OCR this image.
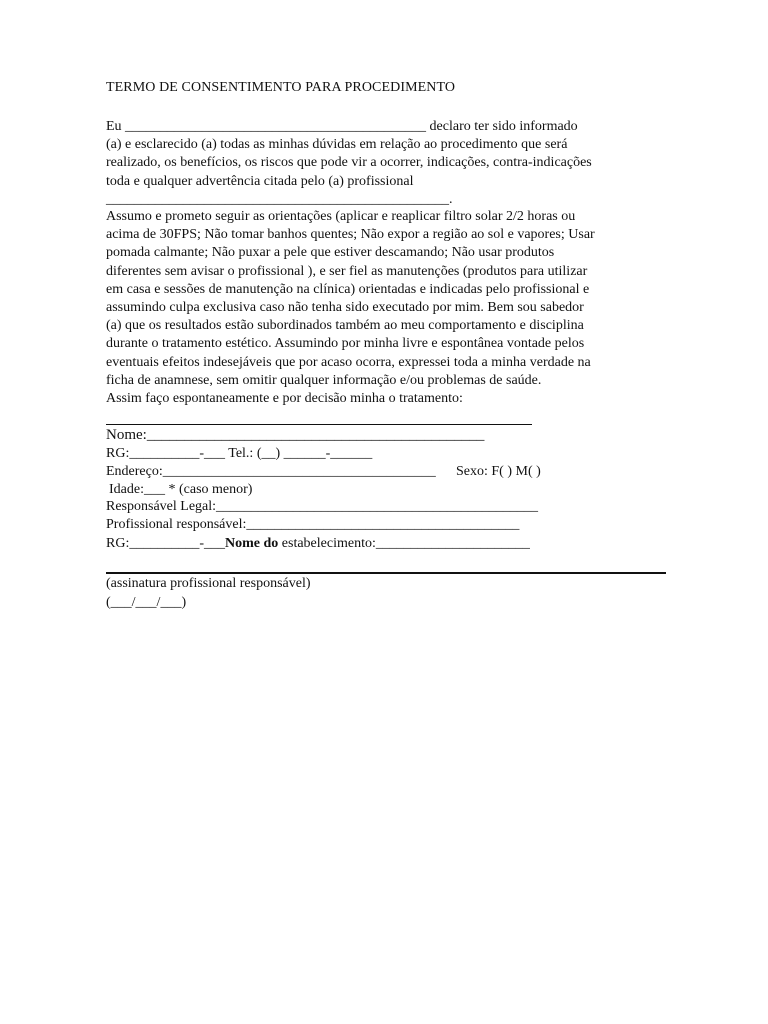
TERMO DE CONSENTIMENTO PARA PROCEDIMENTO
Eu ___________________________________________ declaro ter sido informado
(a) e esclarecido (a) todas as minhas dúvidas em relação ao procedimento que será
realizado, os benefícios, os riscos que pode vir a ocorrer, indicações, contra-indicações
toda e qualquer advertência citada pelo (a) profissional
_________________________________________________.
Assumo e prometo seguir as orientações (aplicar e reaplicar filtro solar 2/2 horas ou
acima de 30FPS; Não tomar banhos quentes; Não expor a região ao sol e vapores; Usar
pomada calmante; Não puxar a pele que estiver descamando; Não usar produtos
diferentes sem avisar o profissional ), e ser fiel as manutenções (produtos para utilizar
em casa e sessões de manutenção na clínica) orientadas e indicadas pelo profissional e
assumindo culpa exclusiva caso não tenha sido executado por mim. Bem sou sabedor
(a) que os resultados estão subordinados também ao meu comportamento e disciplina
durante o tratamento estético. Assumindo por minha livre e espontânea vontade pelos
eventuais efeitos indesejáveis que por acaso ocorra, expressei toda a minha verdade na
ficha de anamnese, sem omitir qualquer informação e/ou problemas de saúde.
Assim faço espontaneamente e por decisão minha o tratamento:
Nome:_____________________________________________
RG:__________-___ Tel.: (__) ______-______
Endereço:_______________________________________ Sexo: F( ) M( )
Idade:___ * (caso menor)
Responsável Legal:______________________________________________
Profissional responsável:_______________________________________
RG:__________-___Nome do estabelecimento:______________________
(assinatura profissional responsável)
(___/___/___)
